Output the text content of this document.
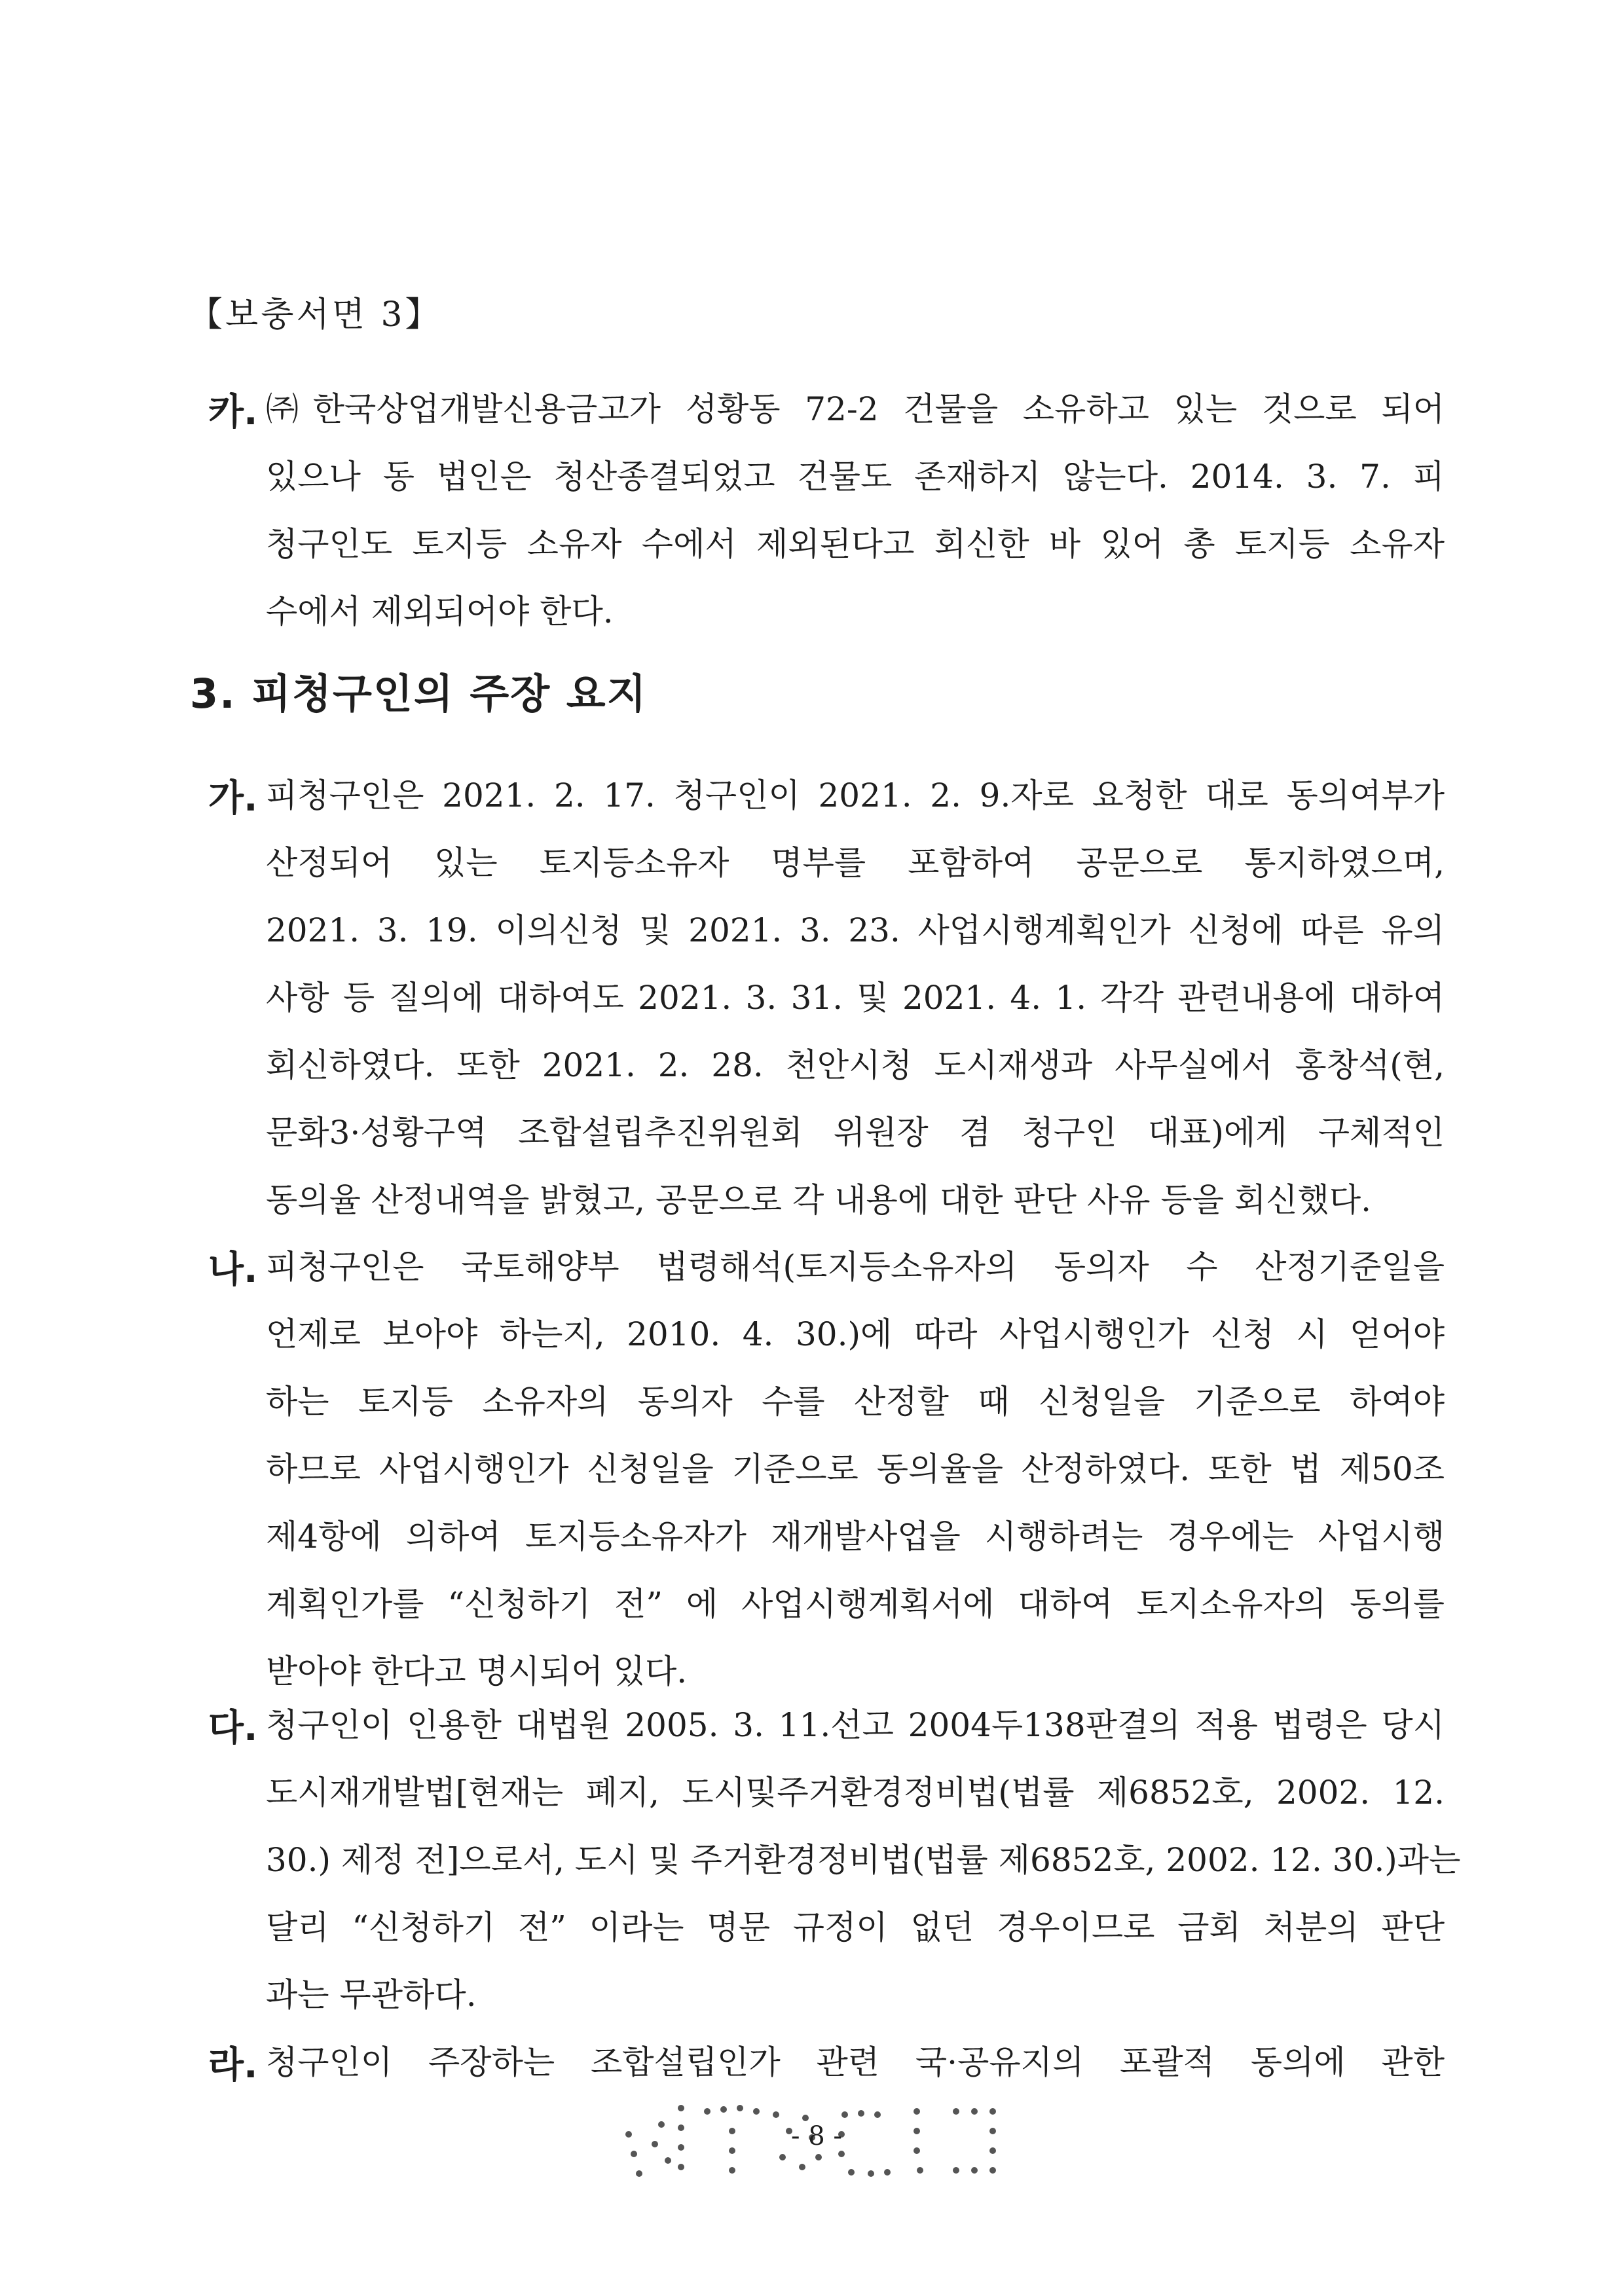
【보충서면 3】
카. ㈜한국상업개발신용금고가 성황동 72-2 건물을 소유하고 있는 것으로 되어
있으나 동 법인은 청산종결되었고 건물도 존재하지 않는다. 2014. 3. 7. 피
청구인도 토지등 소유자 수에서 제외된다고 회신한 바 있어 총 토지등 소유자
수에서 제외되어야 한다.
3. 피청구인의 주장 요지
가. 피청구인은 2021. 2. 17. 청구인이 2021. 2. 9.자로 요청한 대로 동의여부가
산정되어 있는 토지등소유자 명부를 포함하여 공문으로 통지하였으며,
2021. 3. 19. 이의신청 및 2021. 3. 23. 사업시행계획인가 신청에 따른 유의
사항 등 질의에 대하여도 2021. 3. 31. 및 2021. 4. 1. 각각 관련내용에 대하여
회신하였다. 또한 2021. 2. 28. 천안시청 도시재생과 사무실에서 홍창석(현,
문화3·성황구역 조합설립추진위원회 위원장 겸 청구인 대표)에게 구체적인
동의율 산정내역을 밝혔고, 공문으로 각 내용에 대한 판단 사유 등을 회신했다.
나. 피청구인은 국토해양부 법령해석(토지등소유자의 동의자 수 산정기준일을
언제로 보아야 하는지, 2010. 4. 30.)에 따라 사업시행인가 신청 시 얻어야
하는 토지등 소유자의 동의자 수를 산정할 때 신청일을 기준으로 하여야
하므로 사업시행인가 신청일을 기준으로 동의율을 산정하였다. 또한 법 제50조
제4항에 의하여 토지등소유자가 재개발사업을 시행하려는 경우에는 사업시행
계획인가를 “신청하기 전” 에 사업시행계획서에 대하여 토지소유자의 동의를
받아야 한다고 명시되어 있다.
다. 청구인이 인용한 대법원 2005. 3. 11.선고 2004두138판결의 적용 법령은 당시
도시재개발법[현재는 폐지, 도시및주거환경정비법(법률 제6852호, 2002. 12.
30.) 제정 전]으로서, 도시 및 주거환경정비법(법률 제6852호, 2002. 12. 30.)과는
달리 “신청하기 전” 이라는 명문 규정이 없던 경우이므로 금회 처분의 판단
과는 무관하다.
라. 청구인이 주장하는 조합설립인가 관련 국·공유지의 포괄적 동의에 관한
- 8 -
